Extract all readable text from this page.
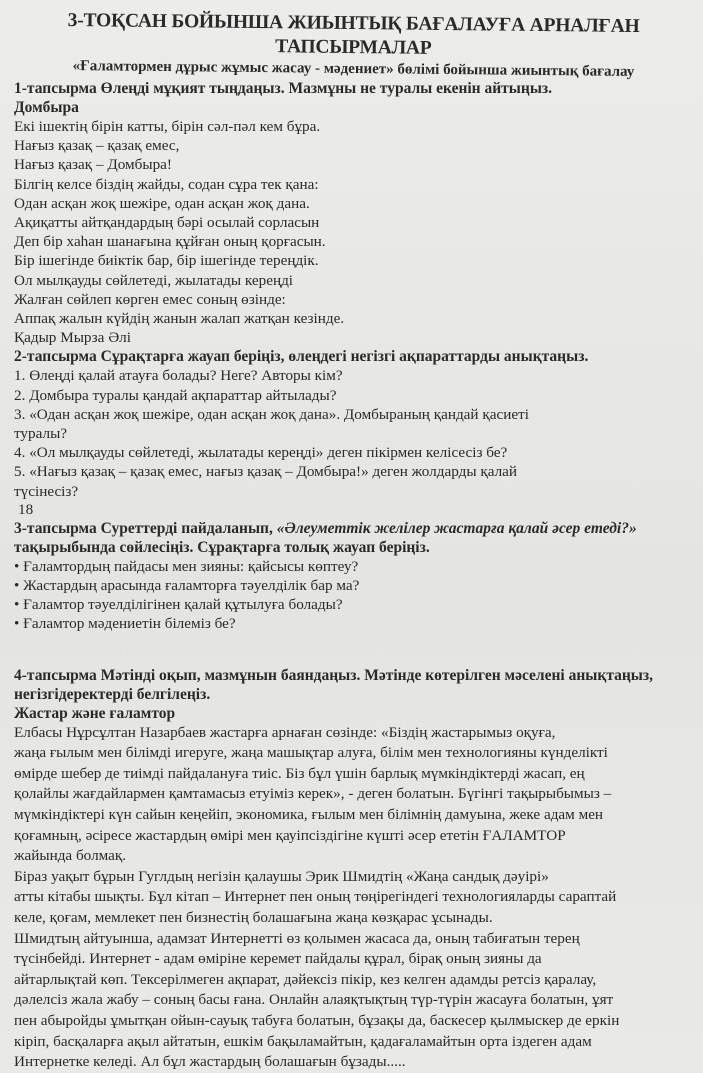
3-ТОҚСАН БОЙЫНША ЖИЫНТЫҚ БАҒАЛАУҒА АРНАЛҒАН ТАПСЫРМАЛАР

«Ғаламтормен дұрыс жұмыс жасау - мәдениет» бөлімі бойынша жиынтық бағалау

1-тапсырма Өлеңді мұқият тыңдаңыз. Мазмұны не туралы екенін айтыңыз.

Домбыра

Екі ішектің бірін катты, бірін сәл-пәл кем бұра.

Нағыз қазақ – қазақ емес,

Нағыз қазақ – Домбыра!

Білгің келсе біздің жайды, содан сұра тек қана:

Одан асқан жоқ шежіре, одан асқан жоқ дана.

Ақиқатты айтқандардың бәрі осылай сорласын

Деп бір хаһан шанағына құйған оның қорғасын.

Бір ішегінде биіктік бар, бір ішегінде тереңдік.

Ол мылқауды сөйлетеді, жылатады кереңді

Жалған сөйлеп көрген емес соның өзінде:

Аппақ жалын күйдің жанын жалап жатқан кезінде.

Қадыр Мырза Әлі

2-тапсырма Сұрақтарға жауап беріңіз, өлеңдегі негізгі ақпараттарды анықтаңыз.

1. Өлеңді қалай атауға болады? Неге? Авторы кім?

2. Домбыра туралы қандай ақпараттар айтылады?

3. «Одан асқан жоқ шежіре, одан асқан жоқ дана». Домбыраның қандай қасиеті

туралы?

4. «Ол мылқауды сөйлетеді, жылатады кереңді» деген пікірмен келісесіз бе?

5. «Нағыз қазақ – қазақ емес, нағыз қазақ – Домбыра!» деген жолдарды қалай

түсінесіз?

18

3-тапсырма Суреттерді пайдаланып, «Әлеуметтік желілер жастарға қалай әсер етеді?»

тақырыбында сөйлесіңіз. Сұрақтарға толық жауап беріңіз.

• Ғаламтордың пайдасы мен зияны: қайсысы көптеу?

• Жастардың арасында ғаламторға тәуелділік бар ма?

• Ғаламтор тәуелділігінен қалай құтылуға болады?

• Ғаламтор мәдениетін білеміз бе?

4-тапсырма Мәтінді оқып, мазмұнын баяндаңыз. Мәтінде көтерілген мәселені анықтаңыз,

негізгідеректерді белгілеңіз.

Жастар және ғаламтор

Елбасы Нұрсұлтан Назарбаев жастарға арнаған сөзінде: «Біздің жастарымыз оқуға,

жаңа ғылым мен білімді игеруге, жаңа машықтар алуға, білім мен технологияны күнделікті

өмірде шебер де тиімді пайдалануға тиіс. Біз бұл үшін барлық мүмкіндіктерді жасап, ең

қолайлы жағдайлармен қамтамасыз етуіміз керек», - деген болатын. Бүгінгі тақырыбымыз –

мүмкіндіктері күн сайын кеңейіп, экономика, ғылым мен білімнің дамуына, жеке адам мен

қоғамның, әсіресе жастардың өмірі мен қауіпсіздігіне күшті әсер ететін ҒАЛАМТОР

жайында болмақ.

Біраз уақыт бұрын Гуглдың негізін қалаушы Эрик Шмидтің «Жаңа сандық дәуірі»

атты кітабы шықты. Бұл кітап – Интернет пен оның төңірегіндегі технологияларды сараптай

келе, қоғам, мемлекет пен бизнестің болашағына жаңа көзқарас ұсынады.

Шмидтың айтуынша, адамзат Интернетті өз қолымен жасаса да, оның табиғатын терең

түсінбейді. Интернет - адам өміріне керемет пайдалы құрал, бірақ оның зияны да

айтарлықтай көп. Тексерілмеген ақпарат, дәйексіз пікір, кез келген адамды ретсіз қаралау,

дәлелсіз жала жабу – соның басы ғана. Онлайн алаяқтықтың түр-түрін жасауға болатын, ұят

пен абыройды ұмытқан ойын-сауық табуға болатын, бұзақы да, баскесер қылмыскер де еркін

кіріп, басқаларға ақыл айтатын, ешкім бақыламайтын, қадағаламайтын орта іздеген адам

Интернетке келеді. Ал бұл жастардың болашағын бұзады.....
